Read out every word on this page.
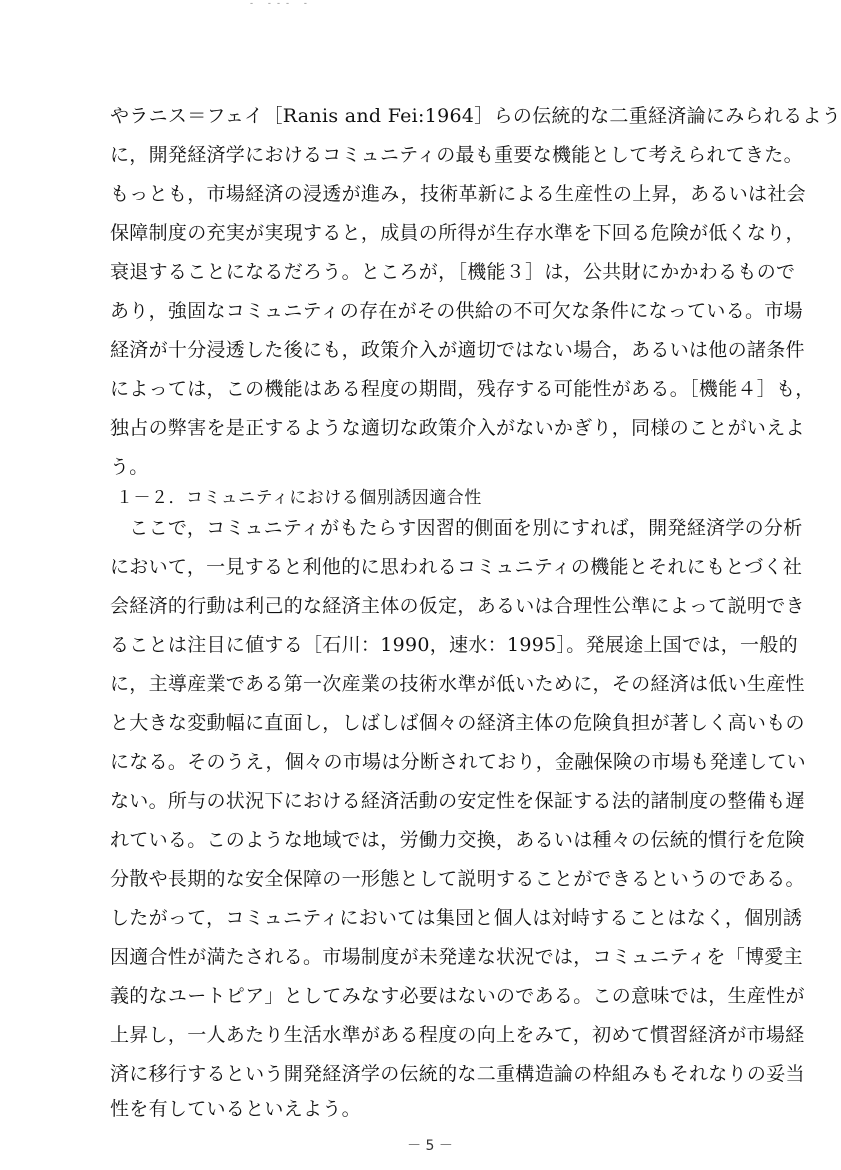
- --- -
やラニス＝フェイ［Ranis and Fei:1964］らの伝統的な二重経済論にみられるよう
に，開発経済学におけるコミュニティの最も重要な機能として考えられてきた。
もっとも，市場経済の浸透が進み，技術革新による生産性の上昇，あるいは社会
保障制度の充実が実現すると，成員の所得が生存水準を下回る危険が低くなり，
衰退することになるだろう。ところが，［機能３］は，公共財にかかわるもので
あり，強固なコミュニティの存在がその供給の不可欠な条件になっている。市場
経済が十分浸透した後にも，政策介入が適切ではない場合，あるいは他の諸条件
によっては，この機能はある程度の期間，残存する可能性がある。［機能４］も，
独占の弊害を是正するような適切な政策介入がないかぎり，同様のことがいえよ
う。
１－２．コミュニティにおける個別誘因適合性
　ここで，コミュニティがもたらす因習的側面を別にすれば，開発経済学の分析
において，一見すると利他的に思われるコミュニティの機能とそれにもとづく社
会経済的行動は利己的な経済主体の仮定，あるいは合理性公準によって説明でき
ることは注目に値する［石川：1990，速水：1995］。発展途上国では，一般的
に，主導産業である第一次産業の技術水準が低いために，その経済は低い生産性
と大きな変動幅に直面し，しばしば個々の経済主体の危険負担が著しく高いもの
になる。そのうえ，個々の市場は分断されており，金融保険の市場も発達してい
ない。所与の状況下における経済活動の安定性を保証する法的諸制度の整備も遅
れている。このような地域では，労働力交換，あるいは種々の伝統的慣行を危険
分散や長期的な安全保障の一形態として説明することができるというのである。
したがって，コミュニティにおいては集団と個人は対峙することはなく，個別誘
因適合性が満たされる。市場制度が未発達な状況では，コミュニティを「博愛主
義的なユートピア」としてみなす必要はないのである。この意味では，生産性が
上昇し，一人あたり生活水準がある程度の向上をみて，初めて慣習経済が市場経
済に移行するという開発経済学の伝統的な二重構造論の枠組みもそれなりの妥当
性を有しているといえよう。
－ 5 －
